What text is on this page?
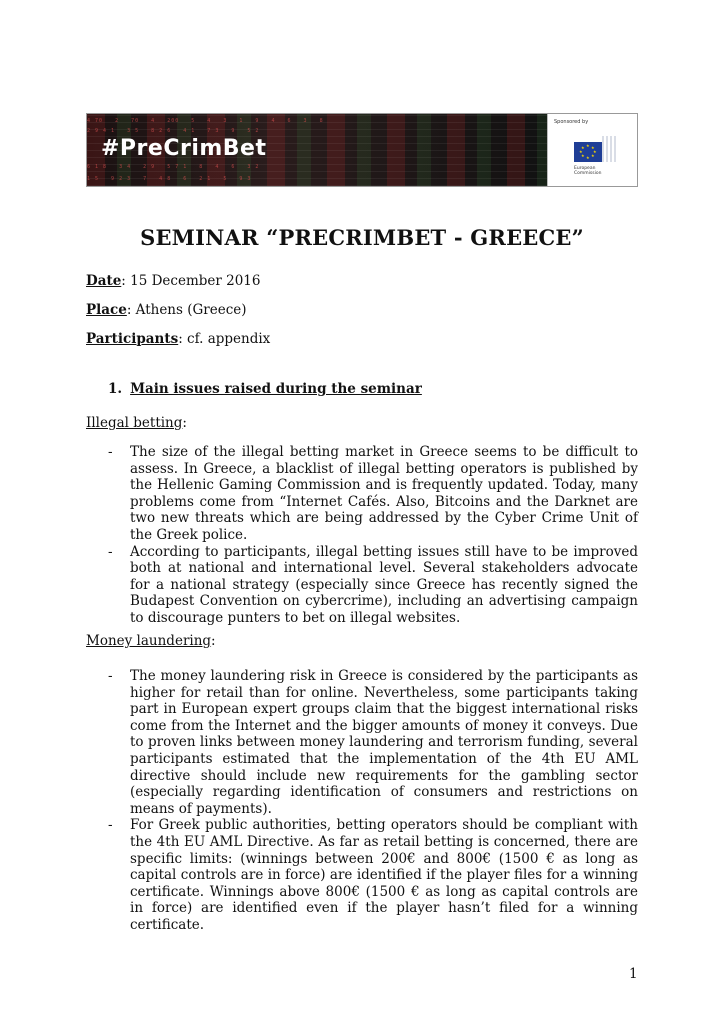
4 70   2   70   4   200   5   4   3   1   9   4   6   3   8
2 9 4 1   3 5   8 2 6   4 1   7 3   9   5 2
6 1 8   3 4   2 9   5 7 1   8   4   6   3 2
1 5   9 2 3   7   4 8   6   2 1   5   9 3
#PreCrimBet
Sponsored by
★ ★
★
★
★
★
★
★
European
Commission
SEMINAR “PRECRIMBET - GREECE”
Date: 15 December 2016
Place: Athens (Greece)
Participants: cf. appendix
1. Main issues raised during the seminar
Illegal betting:
- The size of the illegal betting market in Greece seems to be difficult to assess. In Greece, a blacklist of illegal betting operators is published by the Hellenic Gaming Commission and is frequently updated. Today, many problems come from “Internet Cafés. Also, Bitcoins and the Darknet are two new threats which are being addressed by the Cyber Crime Unit of the Greek police.
- According to participants, illegal betting issues still have to be improved both at national and international level. Several stakeholders advocate for a national strategy (especially since Greece has recently signed the Budapest Convention on cybercrime), including an advertising campaign to discourage punters to bet on illegal websites.
Money laundering:
- The money laundering risk in Greece is considered by the participants as higher for retail than for online. Nevertheless, some participants taking part in European expert groups claim that the biggest international risks come from the Internet and the bigger amounts of money it conveys. Due to proven links between money laundering and terrorism funding, several participants estimated that the implementation of the 4th EU AML directive should include new requirements for the gambling sector (especially regarding identification of consumers and restrictions on means of payments).
- For Greek public authorities, betting operators should be compliant with the 4th EU AML Directive. As far as retail betting is concerned, there are specific limits: (winnings between 200€ and 800€ (1500 € as long as capital controls are in force) are identified if the player files for a winning certificate. Winnings above 800€ (1500 € as long as capital controls are in force) are identified even if the player hasn’t filed for a winning certificate.
1
